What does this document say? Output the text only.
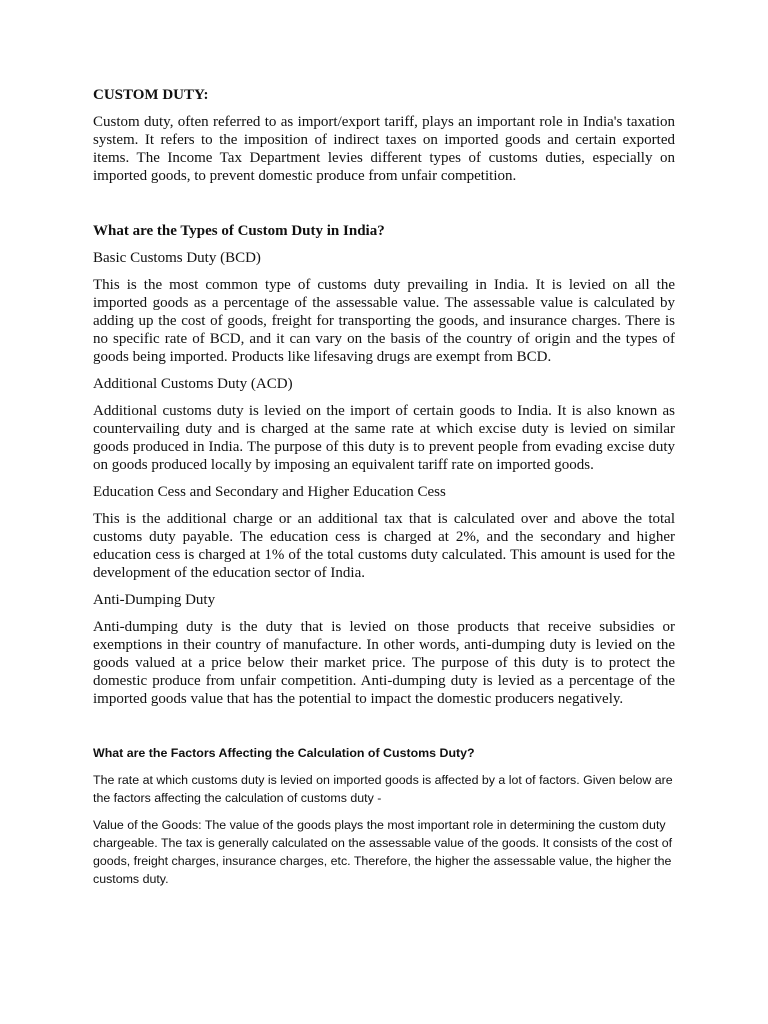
CUSTOM DUTY:

Custom duty, often referred to as import/export tariff, plays an important role in India's taxation system. It refers to the imposition of indirect taxes on imported goods and certain exported items. The Income Tax Department levies different types of customs duties, especially on imported goods, to prevent domestic produce from unfair competition.

What are the Types of Custom Duty in India?
Basic Customs Duty (BCD)

This is the most common type of customs duty prevailing in India. It is levied on all the imported goods as a percentage of the assessable value. The assessable value is calculated by adding up the cost of goods, freight for transporting the goods, and insurance charges. There is no specific rate of BCD, and it can vary on the basis of the country of origin and the types of goods being imported. Products like lifesaving drugs are exempt from BCD.

Additional Customs Duty (ACD)

Additional customs duty is levied on the import of certain goods to India. It is also known as countervailing duty and is charged at the same rate at which excise duty is levied on similar goods produced in India. The purpose of this duty is to prevent people from evading excise duty on goods produced locally by imposing an equivalent tariff rate on imported goods.

Education Cess and Secondary and Higher Education Cess

This is the additional charge or an additional tax that is calculated over and above the total customs duty payable. The education cess is charged at 2%, and the secondary and higher education cess is charged at 1% of the total customs duty calculated. This amount is used for the development of the education sector of India.

Anti-Dumping Duty

Anti-dumping duty is the duty that is levied on those products that receive subsidies or exemptions in their country of manufacture. In other words, anti-dumping duty is levied on the goods valued at a price below their market price. The purpose of this duty is to protect the domestic produce from unfair competition. Anti-dumping duty is levied as a percentage of the imported goods value that has the potential to impact the domestic producers negatively.

What are the Factors Affecting the Calculation of Customs Duty?

The rate at which customs duty is levied on imported goods is affected by a lot of factors. Given below are the factors affecting the calculation of customs duty -

Value of the Goods: The value of the goods plays the most important role in determining the custom duty chargeable. The tax is generally calculated on the assessable value of the goods. It consists of the cost of goods, freight charges, insurance charges, etc. Therefore, the higher the assessable value, the higher the customs duty.
